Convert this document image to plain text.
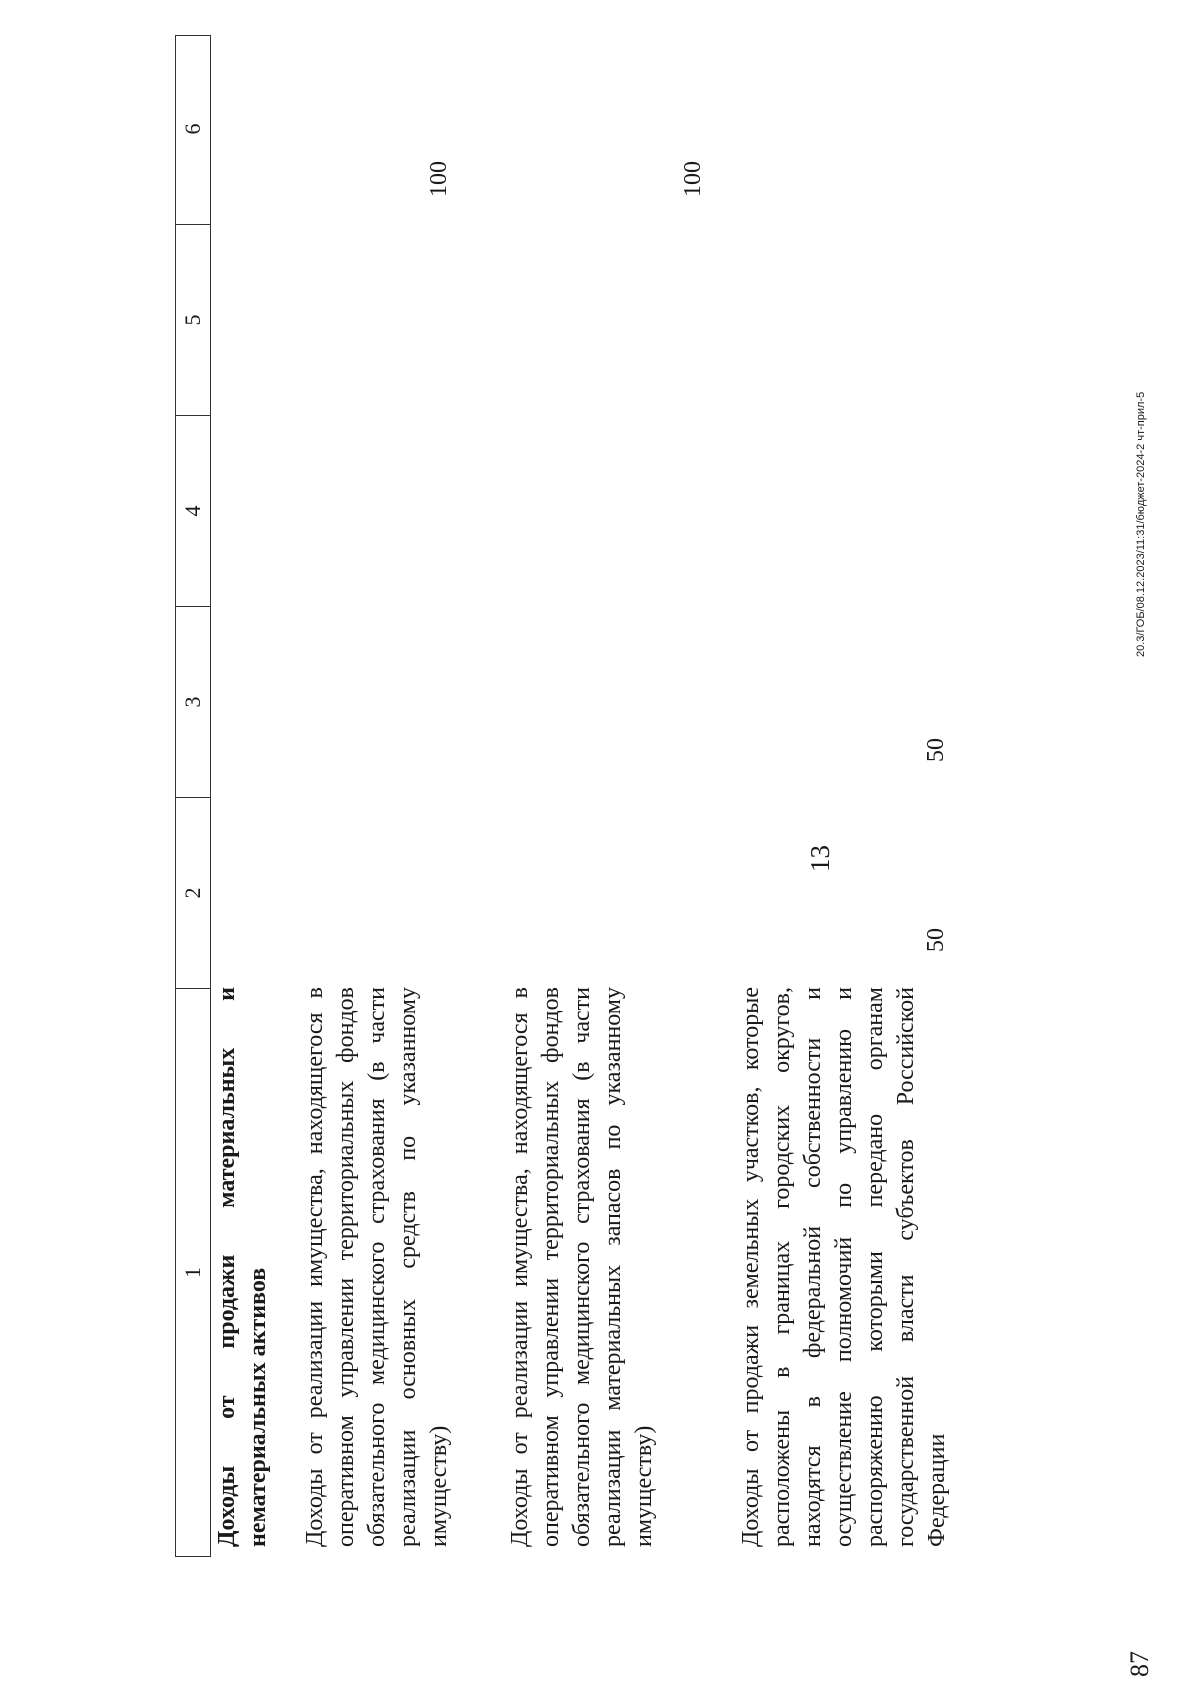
13
1
2
3
4
5
6
Доходы от продажи материальных и нематериальных активов Доходы от реализации имущества, находящегося в оперативном управлении территориальных фондов обязательного медицинского страхования (в части реализации основных средств по указанному имуществу)
100
Доходы от реализации имущества, находящегося в оперативном управлении территориальных фондов обязательного медицинского страхования (в части реализации материальных запасов по указанному имуществу)
100
Доходы от продажи земельных участков, которые расположены в границах городских округов, находятся в федеральной собственности и осуществление полномочий по управлению и распоряжению которыми передано органам государственной власти субъектов Российской Федерации
50
50
20.3/ГОБ/08.12.2023/11:31/бюджет-2024-2 чт-прил-5
87
